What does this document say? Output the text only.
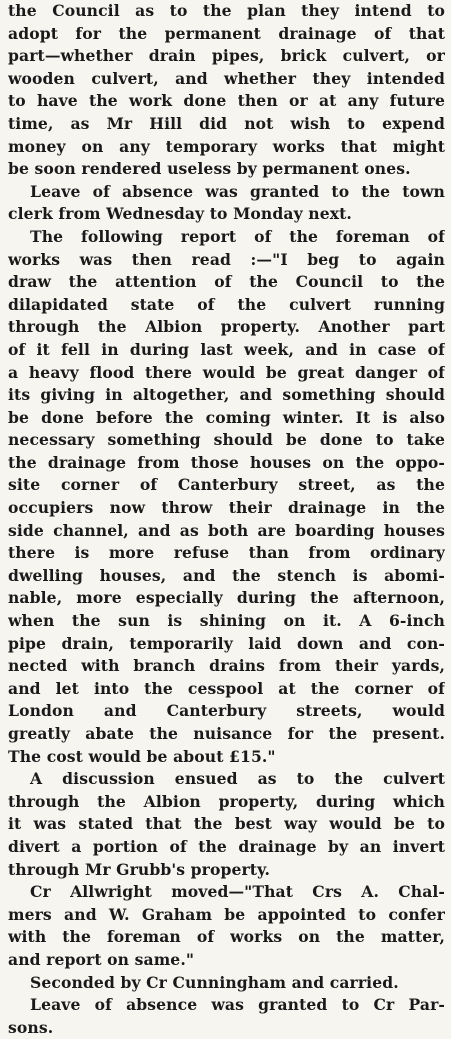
the Council as to the plan they intend to
adopt for the permanent drainage of that
part—whether drain pipes, brick culvert, or
wooden culvert, and whether they intended
to have the work done then or at any future
time, as Mr Hill did not wish to expend
money on any temporary works that might
be soon rendered useless by permanent ones.
Leave of absence was granted to the town
clerk from Wednesday to Monday next.
The following report of the foreman of
works was then read :—"I beg to again
draw the attention of the Council to the
dilapidated state of the culvert running
through the Albion property. Another part
of it fell in during last week, and in case of
a heavy flood there would be great danger of
its giving in altogether, and something should
be done before the coming winter. It is also
necessary something should be done to take
the drainage from those houses on the oppo-
site corner of Canterbury street, as the
occupiers now throw their drainage in the
side channel, and as both are boarding houses
there is more refuse than from ordinary
dwelling houses, and the stench is abomi-
nable, more especially during the afternoon,
when the sun is shining on it. A 6-inch
pipe drain, temporarily laid down and con-
nected with branch drains from their yards,
and let into the cesspool at the corner of
London and Canterbury streets, would
greatly abate the nuisance for the present.
The cost would be about £15."
A discussion ensued as to the culvert
through the Albion property, during which
it was stated that the best way would be to
divert a portion of the drainage by an invert
through Mr Grubb's property.
Cr Allwright moved—"That Crs A. Chal-
mers and W. Graham be appointed to confer
with the foreman of works on the matter,
and report on same."
Seconded by Cr Cunningham and carried.
Leave of absence was granted to Cr Par-
sons.
